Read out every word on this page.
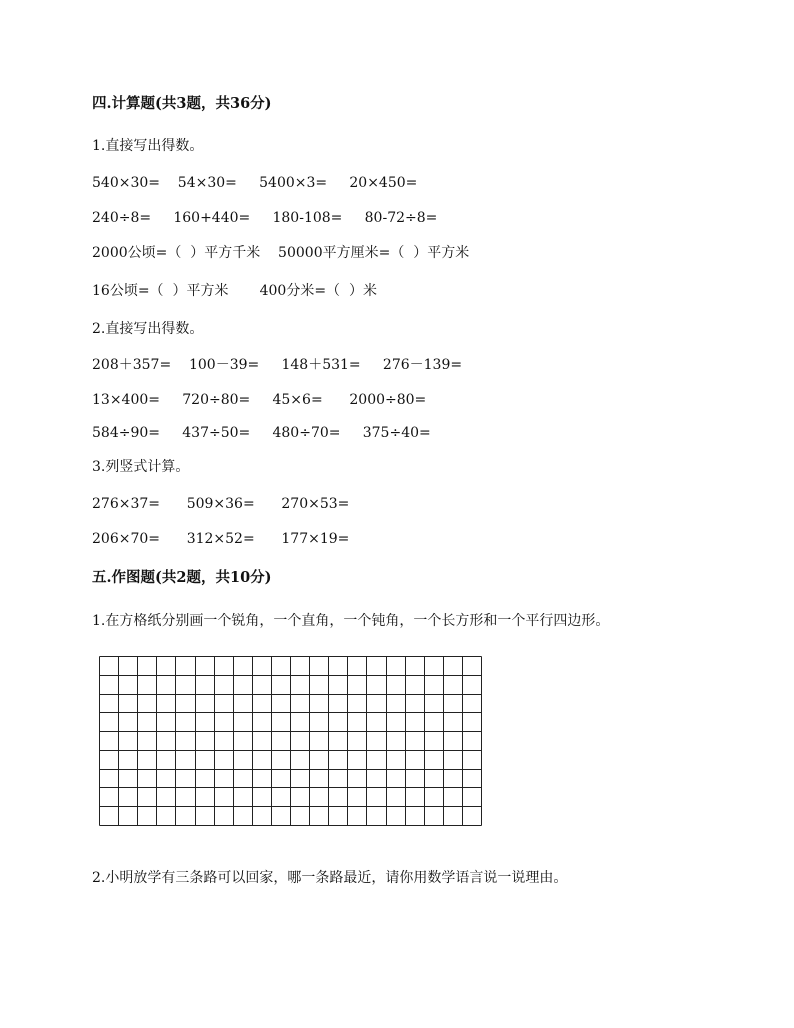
四.计算题(共3题，共36分)
1.直接写出得数。
540×30=    54×30=     5400×3=     20×450=
240÷8=     160+440=     180-108=     80-72÷8=
2000公顷=（  ）平方千米    50000平方厘米=（  ）平方米
16公顷=（  ）平方米       400分米=（  ）米
2.直接写出得数。
208＋357=    100－39=     148＋531=     276－139=
13×400=     720÷80=     45×6=      2000÷80=
584÷90=     437÷50=     480÷70=     375÷40=
3.列竖式计算。
276×37=      509×36=      270×53=
206×70=      312×52=      177×19=
五.作图题(共2题，共10分)
1.在方格纸分别画一个锐角，一个直角，一个钝角，一个长方形和一个平行四边形。
2.小明放学有三条路可以回家，哪一条路最近，请你用数学语言说一说理由。
